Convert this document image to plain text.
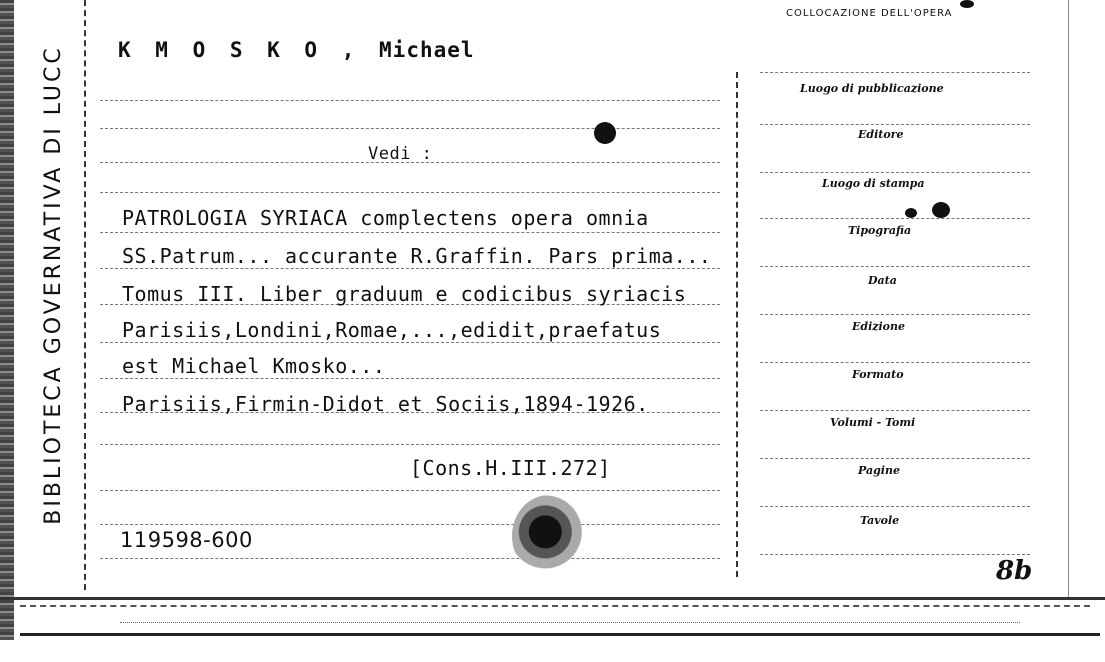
BIBLIOTECA GOVERNATIVA DI LUCC
COLLOCAZIONE DELL'OPERA
K M O S K O , Michael
Vedi :
PATROLOGIA SYRIACA complectens opera omnia
SS.Patrum... accurante R.Graffin. Pars prima...
Tomus III. Liber graduum e codicibus syriacis
Parisiis,Londini,Romae,...,edidit,praefatus
est Michael Kmosko...
Parisiis,Firmin-Didot et Sociis,1894-1926.
[Cons.H.III.272]
119598-600
Luogo di pubblicazione
Editore
Luogo di stampa
Tipografia
Data
Edizione
Formato
Volumi - Tomi
Pagine
Tavole
8b
